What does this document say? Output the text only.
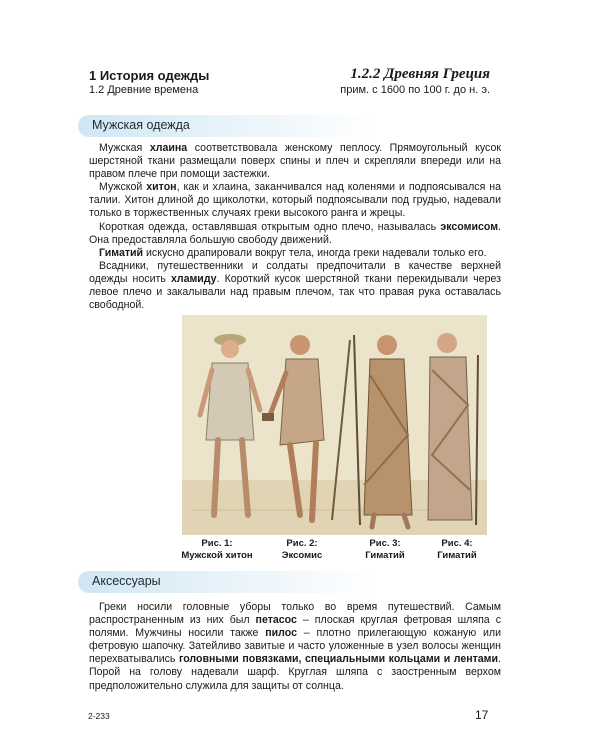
1 История одежды
1.2 Древние времена
1.2.2 Древняя Греция
прим. с 1600 по 100 г. до н. э.
Мужская одежда

Мужская хлаина соответствовала женскому пеплосу. Прямоугольный кусок шерстяной ткани размещали поверх спины и плеч и скрепляли впереди или на правом плече при помощи застежки.

Мужской хитон, как и хлаина, заканчивался над коленями и подпоясывался на талии. Хитон длиной до щиколотки, который подпоясывали под грудью, надевали только в торжественных случаях греки высокого ранга и жрецы.

Короткая одежда, оставлявшая открытым одно плечо, называлась эксомисом. Она предоставляла большую свободу движений.

Гиматий искусно драпировали вокруг тела, иногда греки надевали только его.

Всадники, путешественники и солдаты предпочитали в качестве верхней одежды носить хламиду. Короткий кусок шерстяной ткани перекидывали через левое плечо и закалывали над правым плечом, так что правая рука оставалась свободной.

Рис. 1:
Мужской хитон
Рис. 2:
Эксомис
Рис. 3:
Гиматий
Рис. 4:
Гиматий
Аксессуары

Греки носили головные уборы только во время путешествий. Самым распространенным из них был петасос – плоская круглая фетровая шляпа с полями. Мужчины носили также пилос – плотно прилегающую кожаную или фетровую шапочку. Затейливо завитые и часто уложенные в узел волосы женщин перехватывались головными повязками, специальными кольцами и лентами. Порой на голову надевали шарф. Круглая шляпа с заостренным верхом предположительно служила для защиты от солнца.

2-233	17
